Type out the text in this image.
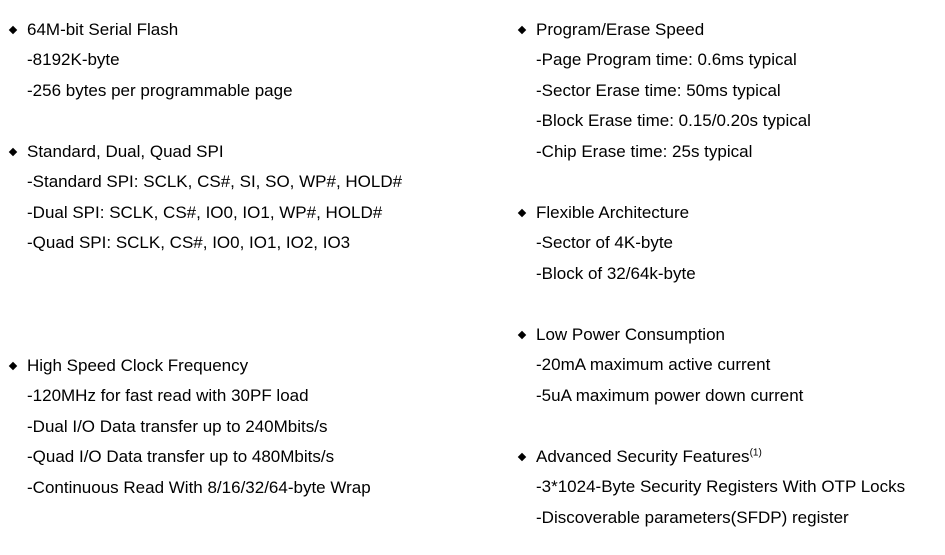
64M-bit Serial Flash
-8192K-byte
-256 bytes per programmable page
Standard, Dual, Quad SPI
-Standard SPI: SCLK, CS#, SI, SO, WP#, HOLD#
-Dual SPI: SCLK, CS#, IO0, IO1, WP#, HOLD#
-Quad SPI: SCLK, CS#, IO0, IO1, IO2, IO3
High Speed Clock Frequency
-120MHz for fast read with 30PF load
-Dual I/O Data transfer up to 240Mbits/s
-Quad I/O Data transfer up to 480Mbits/s
-Continuous Read With 8/16/32/64-byte Wrap
Program/Erase Speed
-Page Program time: 0.6ms typical
-Sector Erase time: 50ms typical
-Block Erase time: 0.15/0.20s typical
-Chip Erase time: 25s typical
Flexible Architecture
-Sector of 4K-byte
-Block of 32/64k-byte
Low Power Consumption
-20mA maximum active current
-5uA maximum power down current
Advanced Security Features$^{(1)}$
-3*1024-Byte Security Registers With OTP Locks
-Discoverable parameters(SFDP) register
